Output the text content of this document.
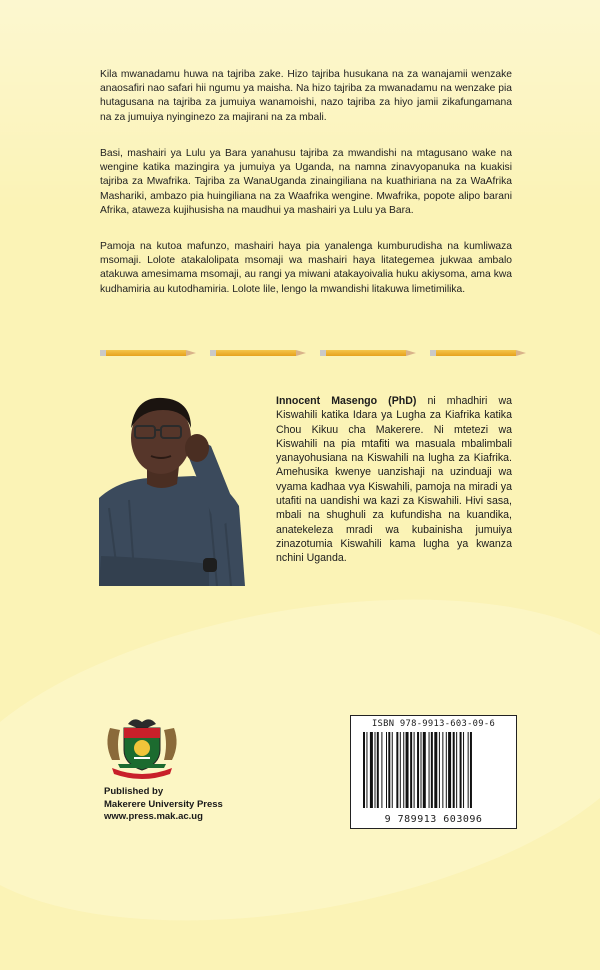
Kila mwanadamu huwa na tajriba zake. Hizo tajriba husukana na za wanajamii wenzake anaosafiri nao safari hii ngumu ya maisha. Na hizo tajriba za mwanadamu na wenzake pia hutagusana na tajriba za jumuiya wanamoishi, nazo tajriba za hiyo jamii zikafungamana na za jumuiya nyinginezo za majirani na za mbali.

Basi, mashairi ya Lulu ya Bara yanahusu tajriba za mwandishi na mtagusano wake na wengine katika mazingira ya jumuiya ya Uganda, na namna zinavyopanuka na kuakisi tajriba za Mwafrika. Tajriba za WanaUganda zinaingiliana na kuathiriana na za WaAfrika Mashariki, ambazo pia huingiliana na za Waafrika wengine. Mwafrika, popote alipo barani Afrika, ataweza kujihusisha na maudhui ya mashairi ya Lulu ya Bara.

Pamoja na kutoa mafunzo, mashairi haya pia yanalenga kumburudisha na kumliwaza msomaji. Lolote atakalolipata msomaji wa mashairi haya litategemea jukwaa ambalo atakuwa amesimama msomaji, au rangi ya miwani atakayoivalia huku akiysoma, ama kwa kudhamiria au kutodhamiria. Lolote lile, lengo la mwandishi litakuwa limetimilika.

Innocent Masengo (PhD) ni mhadhiri wa Kiswahili katika Idara ya Lugha za Kiafrika katika Chou Kikuu cha Makerere. Ni mtetezi wa Kiswahili na pia mtafiti wa masuala mbalimbali yanayohusiana na Kiswahili na lugha za Kiafrika. Amehusika kwenye uanzishaji na uzinduaji wa vyama kadhaa vya Kiswahili, pamoja na miradi ya utafiti na uandishi wa kazi za Kiswahili. Hivi sasa, mbali na shughuli za kufundisha na kuandika, anatekeleza mradi wa kubainisha jumuiya zinazotumia Kiswahili kama lugha ya kwanza nchini Uganda.

Published by
Makerere University Press
www.press.mak.ac.ug
ISBN 978-9913-603-09-6
9 789913 603096
